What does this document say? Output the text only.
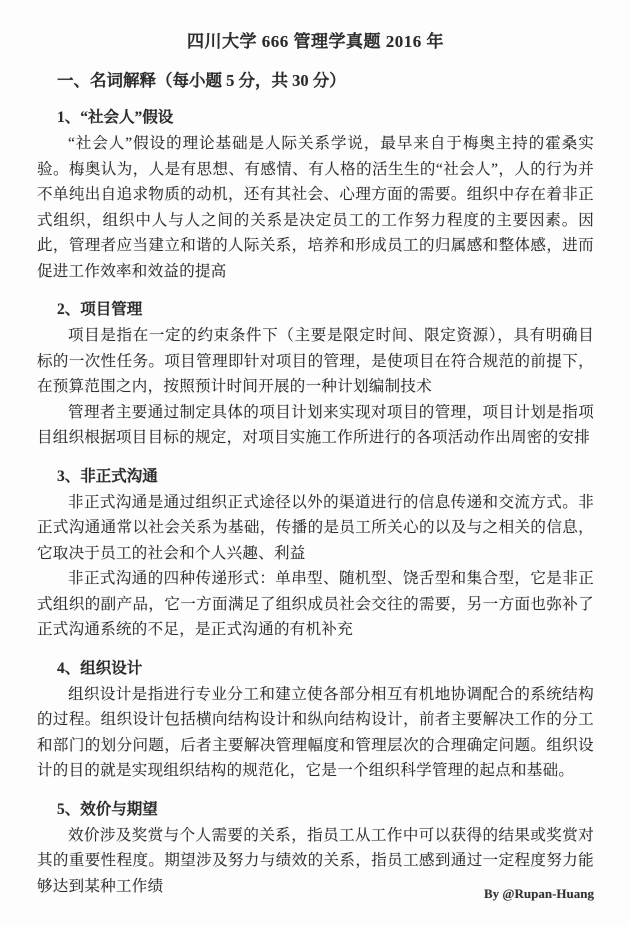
四川大学 666 管理学真题 2016 年
一、名词解释（每小题 5 分，共 30 分）
1、“社会人”假设

“社会人”假设的理论基础是人际关系学说，最早来自于梅奥主持的霍桑实验。梅奥认为，人是有思想、有感情、有人格的活生生的“社会人”，人的行为并不单纯出自追求物质的动机，还有其社会、心理方面的需要。组织中存在着非正式组织，组织中人与人之间的关系是决定员工的工作努力程度的主要因素。因此，管理者应当建立和谐的人际关系，培养和形成员工的归属感和整体感，进而促进工作效率和效益的提高

2、项目管理

项目是指在一定的约束条件下（主要是限定时间、限定资源），具有明确目标的一次性任务。项目管理即针对项目的管理，是使项目在符合规范的前提下，在预算范围之内，按照预计时间开展的一种计划编制技术

管理者主要通过制定具体的项目计划来实现对项目的管理，项目计划是指项目组织根据项目目标的规定，对项目实施工作所进行的各项活动作出周密的安排

3、非正式沟通

非正式沟通是通过组织正式途径以外的渠道进行的信息传递和交流方式。非正式沟通通常以社会关系为基础，传播的是员工所关心的以及与之相关的信息，它取决于员工的社会和个人兴趣、利益

非正式沟通的四种传递形式：单串型、随机型、饶舌型和集合型，它是非正式组织的副产品，它一方面满足了组织成员社会交往的需要，另一方面也弥补了正式沟通系统的不足，是正式沟通的有机补充

4、组织设计

组织设计是指进行专业分工和建立使各部分相互有机地协调配合的系统结构的过程。组织设计包括横向结构设计和纵向结构设计，前者主要解决工作的分工和部门的划分问题，后者主要解决管理幅度和管理层次的合理确定问题。组织设计的目的就是实现组织结构的规范化，它是一个组织科学管理的起点和基础。

5、效价与期望

效价涉及奖赏与个人需要的关系，指员工从工作中可以获得的结果或奖赏对其的重要性程度。期望涉及努力与绩效的关系，指员工感到通过一定程度努力能够达到某种工作绩	By @Rupan-Huang
